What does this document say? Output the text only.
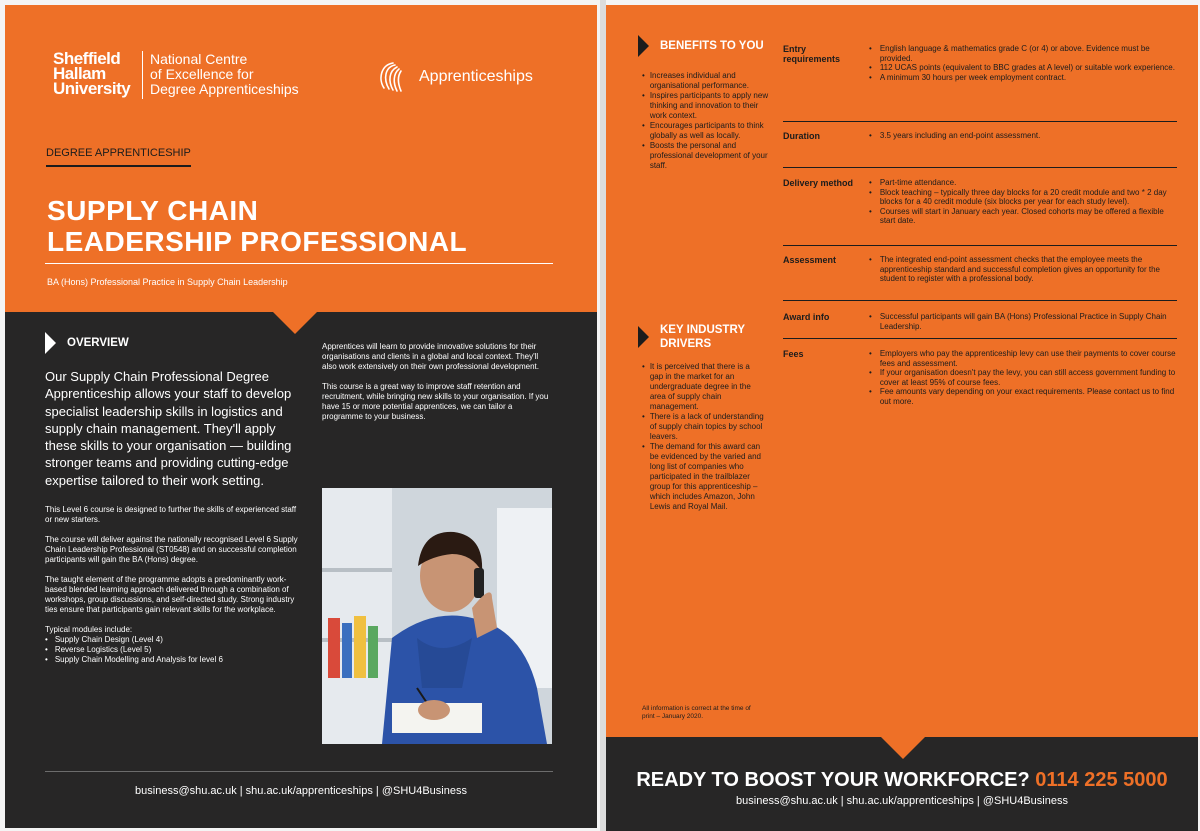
Sheffield
Hallam
University
National Centre
of Excellence for
Degree Apprenticeships
Apprenticeships
DEGREE APPRENTICESHIP
SUPPLY CHAIN
LEADERSHIP PROFESSIONAL
BA (Hons) Professional Practice in Supply Chain Leadership
OVERVIEW
Our Supply Chain Professional Degree Apprenticeship allows your staff to develop specialist leadership skills in logistics and supply chain management. They'll apply these skills to your organisation — building stronger teams and providing cutting-edge expertise tailored to their work setting.

This Level 6 course is designed to further the skills of experienced staff or new starters.

The course will deliver against the nationally recognised Level 6 Supply Chain Leadership Professional (ST0548) and on successful completion participants will gain the BA (Hons) degree.

The taught element of the programme adopts a predominantly work-based blended learning approach delivered through a combination of workshops, group discussions, and self-directed study. Strong industry ties ensure that participants gain relevant skills for the workplace.

Typical modules include:
• Supply Chain Design (Level 4)
• Reverse Logistics (Level 5)
• Supply Chain Modelling and Analysis for level 6

Apprentices will learn to provide innovative solutions for their organisations and clients in a global and local context. They'll also work extensively on their own professional development.

This course is a great way to improve staff retention and recruitment, while bringing new skills to your organisation. If you have 15 or more potential apprentices, we can tailor a programme to your business.

business@shu.ac.uk | shu.ac.uk/apprenticeships | @SHU4Business
BENEFITS TO YOU
• Increases individual and organisational performance.
• Inspires participants to apply new thinking and innovation to their work context.
• Encourages participants to think globally as well as locally.
• Boosts the personal and professional development of your staff.
KEY INDUSTRY
DRIVERS
• It is perceived that there is a gap in the market for an undergraduate degree in the area of supply chain management.
• There is a lack of understanding of supply chain topics by school leavers.
• The demand for this award can be evidenced by the varied and long list of companies who participated in the trailblazer group for this apprenticeship – which includes Amazon, John Lewis and Royal Mail.
Entry requirements
• English language & mathematics grade C (or 4) or above. Evidence must be provided.
• 112 UCAS points (equivalent to BBC grades at A level) or suitable work experience.
• A minimum 30 hours per week employment contract.
Duration	• 3.5 years including an end-point assessment.
Delivery method	• Part-time attendance.
• Block teaching – typically three day blocks for a 20 credit module and two * 2 day blocks for a 40 credit module (six blocks per year for each study level).
• Courses will start in January each year. Closed cohorts may be offered a flexible start date.
Assessment	• The integrated end-point assessment checks that the employee meets the apprenticeship standard and successful completion gives an opportunity for the student to register with a professional body.
Award info	• Successful participants will gain BA (Hons) Professional Practice in Supply Chain Leadership.
Fees	• Employers who pay the apprenticeship levy can use their payments to cover course fees and assessment.
• If your organisation doesn't pay the levy, you can still access government funding to cover at least 95% of course fees.
• Fee amounts vary depending on your exact requirements. Please contact us to find out more.
All information is correct at the time of print – January 2020.
READY TO BOOST YOUR WORKFORCE? 0114 225 5000
business@shu.ac.uk | shu.ac.uk/apprenticeships | @SHU4Business
